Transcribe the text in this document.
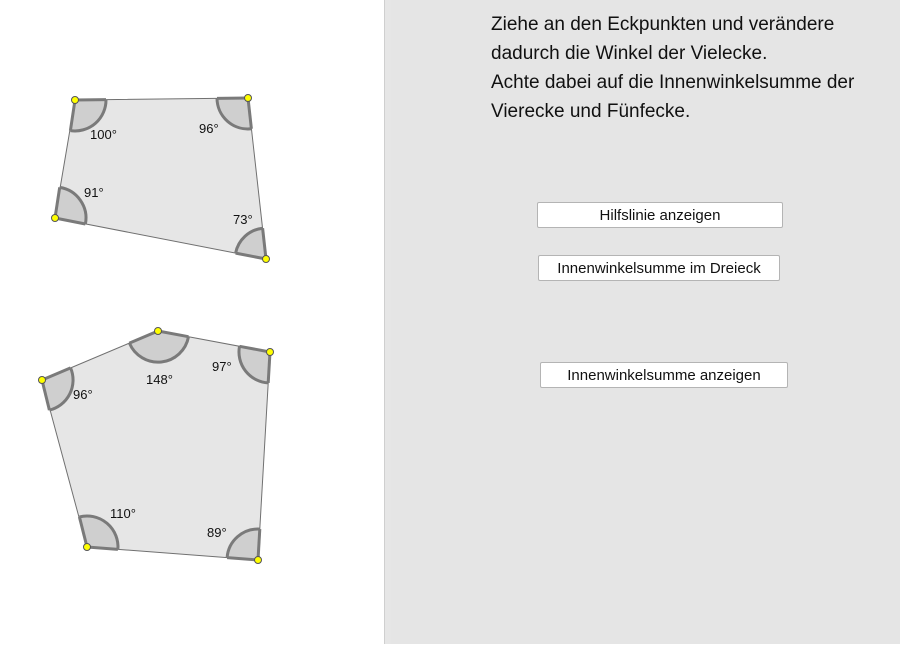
100°	96°
91°
73°
96°
148°
97°
110°
89°

Ziehe an den Eckpunkten und verändere

dadurch die Winkel der Vielecke.

Achte dabei auf die Innenwinkelsumme der

Vierecke und Fünfecke.

Hilfslinie anzeigen
Innenwinkelsumme im Dreieck
Innenwinkelsumme anzeigen
